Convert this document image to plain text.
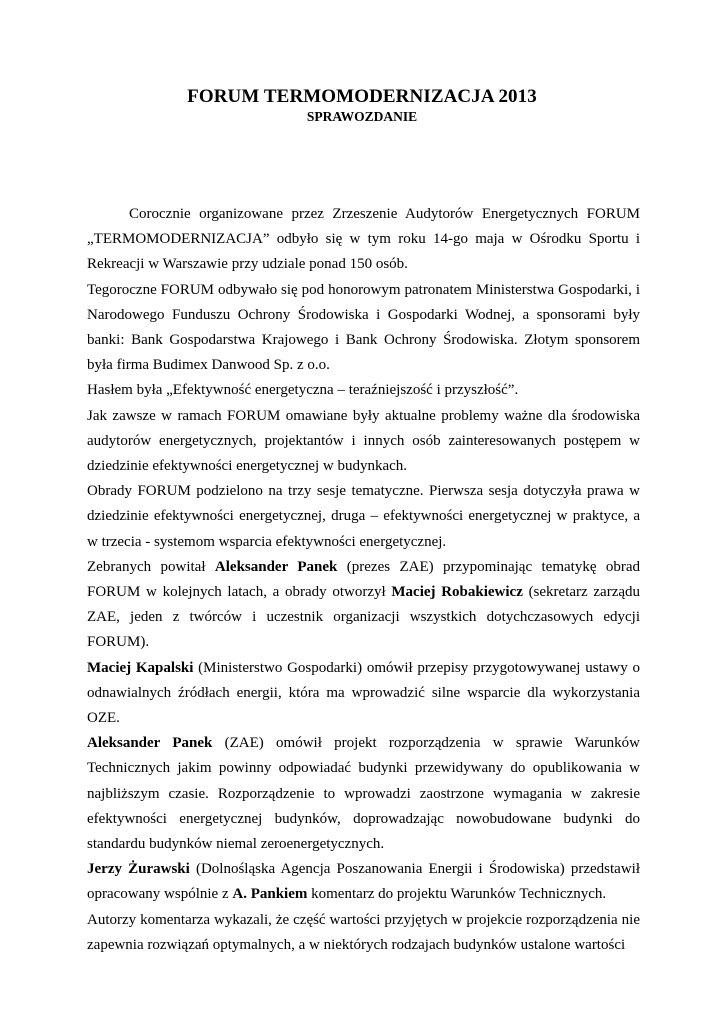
FORUM TERMOMODERNIZACJA 2013
SPRAWOZDANIE

Corocznie organizowane przez Zrzeszenie Audytorów Energetycznych FORUM „TERMOMODERNIZACJA” odbyło się w tym roku 14-go maja w Ośrodku Sportu i Rekreacji w Warszawie przy udziale ponad 150 osób.

Tegoroczne FORUM odbywało się pod honorowym patronatem Ministerstwa Gospodarki, i Narodowego Funduszu Ochrony Środowiska i Gospodarki Wodnej, a sponsorami były banki: Bank Gospodarstwa Krajowego i Bank Ochrony Środowiska. Złotym sponsorem była firma Budimex Danwood Sp. z o.o.

Hasłem była „Efektywność energetyczna – teraźniejszość i przyszłość”.

Jak zawsze w ramach FORUM omawiane były aktualne problemy ważne dla środowiska audytorów energetycznych, projektantów i innych osób zainteresowanych postępem w dziedzinie efektywności energetycznej w budynkach.

Obrady FORUM podzielono na trzy sesje tematyczne. Pierwsza sesja dotyczyła prawa w dziedzinie efektywności energetycznej, druga – efektywności energetycznej w praktyce, a w trzecia - systemom wsparcia efektywności energetycznej.

Zebranych powitał Aleksander Panek (prezes ZAE) przypominając tematykę obrad FORUM w kolejnych latach, a obrady otworzył Maciej Robakiewicz (sekretarz zarządu ZAE, jeden z twórców i uczestnik organizacji wszystkich dotychczasowych edycji FORUM).

Maciej Kapalski (Ministerstwo Gospodarki) omówił przepisy przygotowywanej ustawy o odnawialnych źródłach energii, która ma wprowadzić silne wsparcie dla wykorzystania OZE.

Aleksander Panek (ZAE) omówił projekt rozporządzenia w sprawie Warunków Technicznych jakim powinny odpowiadać budynki przewidywany do opublikowania w najbliższym czasie. Rozporządzenie to wprowadzi zaostrzone wymagania w zakresie efektywności energetycznej budynków, doprowadzając nowobudowane budynki do standardu budynków niemal zeroenergetycznych.

Jerzy Żurawski (Dolnośląska Agencja Poszanowania Energii i Środowiska) przedstawił opracowany wspólnie z A. Pankiem komentarz do projektu Warunków Technicznych.

Autorzy komentarza wykazali, że część wartości przyjętych w projekcie rozporządzenia nie zapewnia rozwiązań optymalnych, a w niektórych rodzajach budynków ustalone wartości
